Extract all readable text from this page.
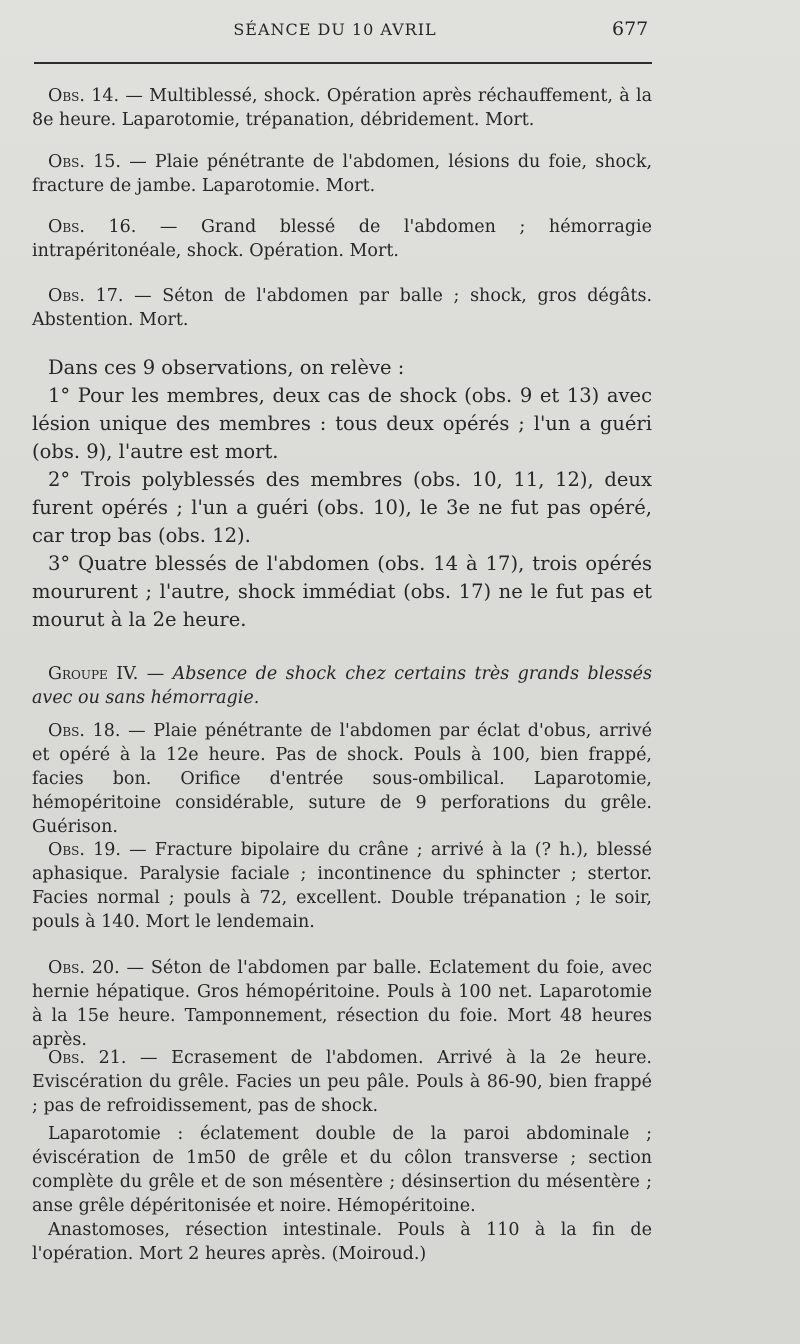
SÉANCE DU 10 AVRIL	677

Obs. 14. — Multiblessé, shock. Opération après réchauffement, à la 8e heure. Laparotomie, trépanation, débridement. Mort.

Obs. 15. — Plaie pénétrante de l'abdomen, lésions du foie, shock, fracture de jambe. Laparotomie. Mort.

Obs. 16. — Grand blessé de l'abdomen ; hémorragie intrapéritonéale, shock. Opération. Mort.

Obs. 17. — Séton de l'abdomen par balle ; shock, gros dégâts. Abstention. Mort.

Dans ces 9 observations, on relève :

1° Pour les membres, deux cas de shock (obs. 9 et 13) avec lésion unique des membres : tous deux opérés ; l'un a guéri (obs. 9), l'autre est mort.

2° Trois polyblessés des membres (obs. 10, 11, 12), deux furent opérés ; l'un a guéri (obs. 10), le 3e ne fut pas opéré, car trop bas (obs. 12).

3° Quatre blessés de l'abdomen (obs. 14 à 17), trois opérés moururent ; l'autre, shock immédiat (obs. 17) ne le fut pas et mourut à la 2e heure.

Groupe IV. — Absence de shock chez certains très grands blessés avec ou sans hémorragie.

Obs. 18. — Plaie pénétrante de l'abdomen par éclat d'obus, arrivé et opéré à la 12e heure. Pas de shock. Pouls à 100, bien frappé, facies bon. Orifice d'entrée sous-ombilical. Laparotomie, hémopéritoine considérable, suture de 9 perforations du grêle. Guérison.

Obs. 19. — Fracture bipolaire du crâne ; arrivé à la (? h.), blessé aphasique. Paralysie faciale ; incontinence du sphincter ; stertor. Facies normal ; pouls à 72, excellent. Double trépanation ; le soir, pouls à 140. Mort le lendemain.

Obs. 20. — Séton de l'abdomen par balle. Eclatement du foie, avec hernie hépatique. Gros hémopéritoine. Pouls à 100 net. Laparotomie à la 15e heure. Tamponnement, résection du foie. Mort 48 heures après.

Obs. 21. — Ecrasement de l'abdomen. Arrivé à la 2e heure. Eviscération du grêle. Facies un peu pâle. Pouls à 86-90, bien frappé ; pas de refroidissement, pas de shock.

Laparotomie : éclatement double de la paroi abdominale ; éviscération de 1m50 de grêle et du côlon transverse ; section complète du grêle et de son mésentère ; désinsertion du mésentère ; anse grêle dépéritonisée et noire. Hémopéritoine.

Anastomoses, résection intestinale. Pouls à 110 à la fin de l'opération. Mort 2 heures après. (Moiroud.)
